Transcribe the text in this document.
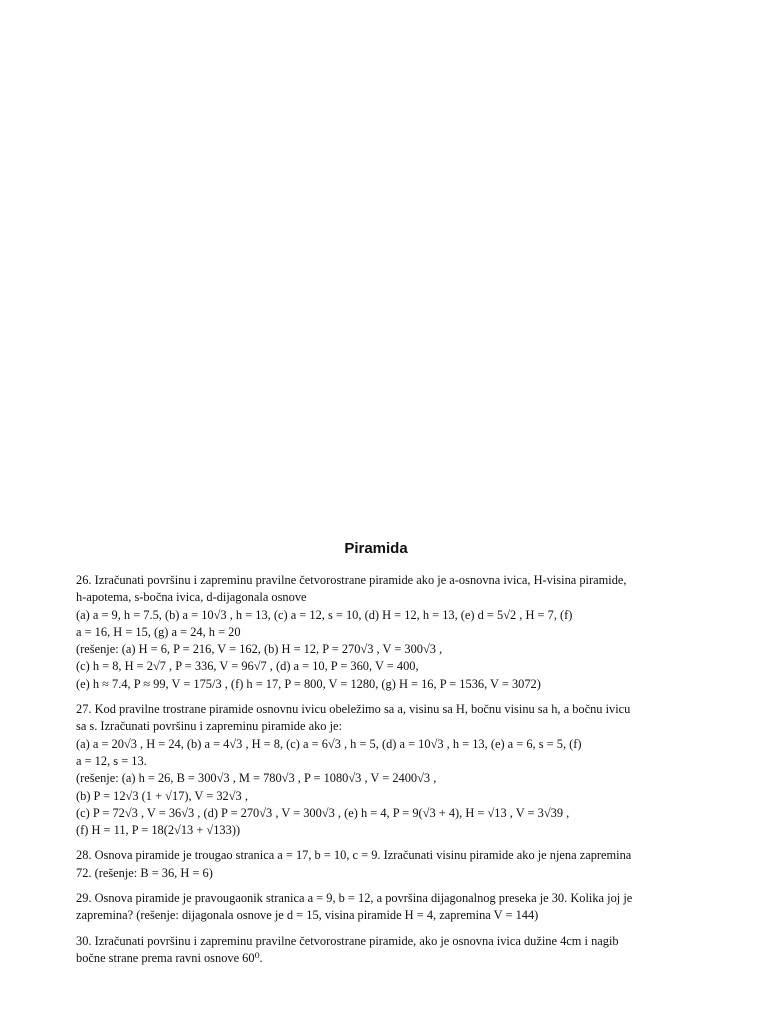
Piramida
26. Izračunati površinu i zapreminu pravilne četvorostrane piramide ako je a-osnovna ivica, H-visina piramide,
h-apotema, s-bočna ivica, d-dijagonala osnove
(a) a = 9, h = 7.5, (b) a = 10√3 , h = 13, (c) a = 12, s = 10, (d) H = 12, h = 13, (e) d = 5√2 , H = 7, (f)
a = 16, H = 15, (g) a = 24, h = 20
(rešenje: (a) H = 6, P = 216, V = 162, (b) H = 12, P = 270√3 , V = 300√3 ,
(c) h = 8, H = 2√7 , P = 336, V = 96√7 , (d) a = 10, P = 360, V = 400,
(e) h ≈ 7.4, P ≈ 99, V = 175/3 , (f) h = 17, P = 800, V = 1280, (g) H = 16, P = 1536, V = 3072)
27. Kod pravilne trostrane piramide osnovnu ivicu obeležimo sa a, visinu sa H, bočnu visinu sa h, a bočnu ivicu
sa s. Izračunati površinu i zapreminu piramide ako je:
(a) a = 20√3 , H = 24, (b) a = 4√3 , H = 8, (c) a = 6√3 , h = 5, (d) a = 10√3 , h = 13, (e) a = 6, s = 5, (f)
a = 12, s = 13.
(rešenje: (a) h = 26, B = 300√3 , M = 780√3 , P = 1080√3 , V = 2400√3 ,
(b) P = 12√3 (1 + √17), V = 32√3 ,
(c) P = 72√3 , V = 36√3 , (d) P = 270√3 , V = 300√3 , (e) h = 4, P = 9(√3 + 4), H = √13 , V = 3√39 ,
(f) H = 11, P = 18(2√13 + √133))
28. Osnova piramide je trougao stranica a = 17, b = 10, c = 9. Izračunati visinu piramide ako je njena zapremina
72. (rešenje: B = 36, H = 6)
29. Osnova piramide je pravougaonik stranica a = 9, b = 12, a površina dijagonalnog preseka je 30. Kolika joj je
zapremina? (rešenje: dijagonala osnove je d = 15, visina piramide H = 4, zapremina V = 144)
30. Izračunati površinu i zapreminu pravilne četvorostrane piramide, ako je osnovna ivica dužine 4cm i nagib
bočne strane prema ravni osnove 60⁰.
